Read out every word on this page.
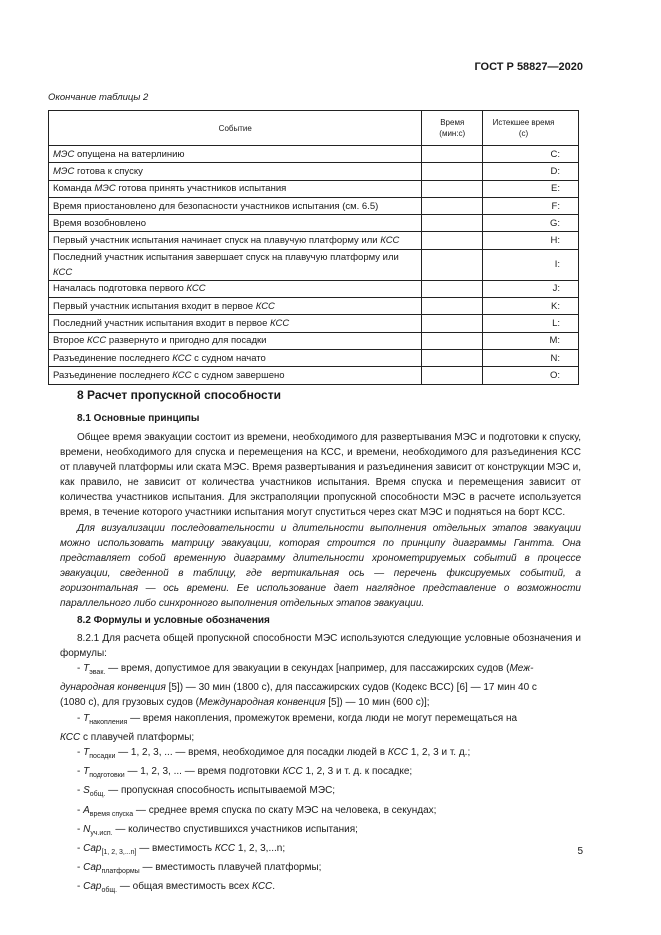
ГОСТ Р 58827—2020
Окончание таблицы 2
Событие	Время (мин:с)	Истекшее время (с)
МЭС опущена на ватерлинию		C:
МЭС готова к спуску		D:
Команда МЭС готова принять участников испытания		E:
Время приостановлено для безопасности участников испытания (см. 6.5)		F:
Время возобновлено		G:
Первый участник испытания начинает спуск на плавучую платформу или КСС		H:
Последний участник испытания завершает спуск на плавучую платформу или КСС		I:
Началась подготовка первого КСС		J:
Первый участник испытания входит в первое КСС		K:
Последний участник испытания входит в первое КСС		L:
Второе КСС развернуто и пригодно для посадки		M:
Разъединение последнего КСС с судном начато		N:
Разъединение последнего КСС с судном завершено		O:
8 Расчет пропускной способности
8.1 Основные принципы
Общее время эвакуации состоит из времени, необходимого для развертывания МЭС и подготовки к спуску, времени, необходимого для спуска и перемещения на КСС, и времени, необходимого для разъединения КСС от плавучей платформы или ската МЭС. Время развертывания и разъединения зависит от конструкции МЭС и, как правило, не зависит от количества участников испытания. Время спуска и перемещения зависит от количества участников испытания. Для экстраполяции пропускной способности МЭС в расчете используется время, в течение которого участники испытания могут спуститься через скат МЭС и подняться на борт КСС.
Для визуализации последовательности и длительности выполнения отдельных этапов эвакуации можно использовать матрицу эвакуации, которая строится по принципу диаграммы Гантта. Она представляет собой временную диаграмму длительности хронометрируемых событий в процессе эвакуации, сведенной в таблицу, где вертикальная ось — перечень фиксируемых событий, а горизонтальная — ось времени. Ее использование дает наглядное представление о возможности параллельного либо синхронного выполнения отдельных этапов эвакуации.
8.2 Формулы и условные обозначения
8.2.1 Для расчета общей пропускной способности МЭС используются следующие условные обозначения и формулы:
- $T_{эвак.}$ — время, допустимое для эвакуации в секундах [например, для пассажирских судов (Меж-
дународная конвенция [5]) — 30 мин (1800 с), для пассажирских судов (Кодекс ВСС) [6] — 17 мин 40 с
(1080 с), для грузовых судов (Международная конвенция [5]) — 10 мин (600 с)];
- $T_{накопления}$ — время накопления, промежуток времени, когда люди не могут перемещаться на
КСС с плавучей платформы;
- $T_{посадки}$ — 1, 2, 3, ... — время, необходимое для посадки людей в КСС 1, 2, 3 и т. д.;
- $T_{подготовки}$ — 1, 2, 3, ... — время подготовки КСС 1, 2, 3 и т. д. к посадке;
- $S_{общ.}$ — пропускная способность испытываемой МЭС;
- $A_{время спуска}$ — среднее время спуска по скату МЭС на человека, в секундах;
- $N_{уч.исп.}$ — количество спустившихся участников испытания;
- Cap$_{[1, 2, 3,...n]}$ — вместимость КСС 1, 2, 3,...n;
- Cap$_{платформы}$ — вместимость плавучей платформы;
- Cap$_{общ.}$ — общая вместимость всех КСС.
5
